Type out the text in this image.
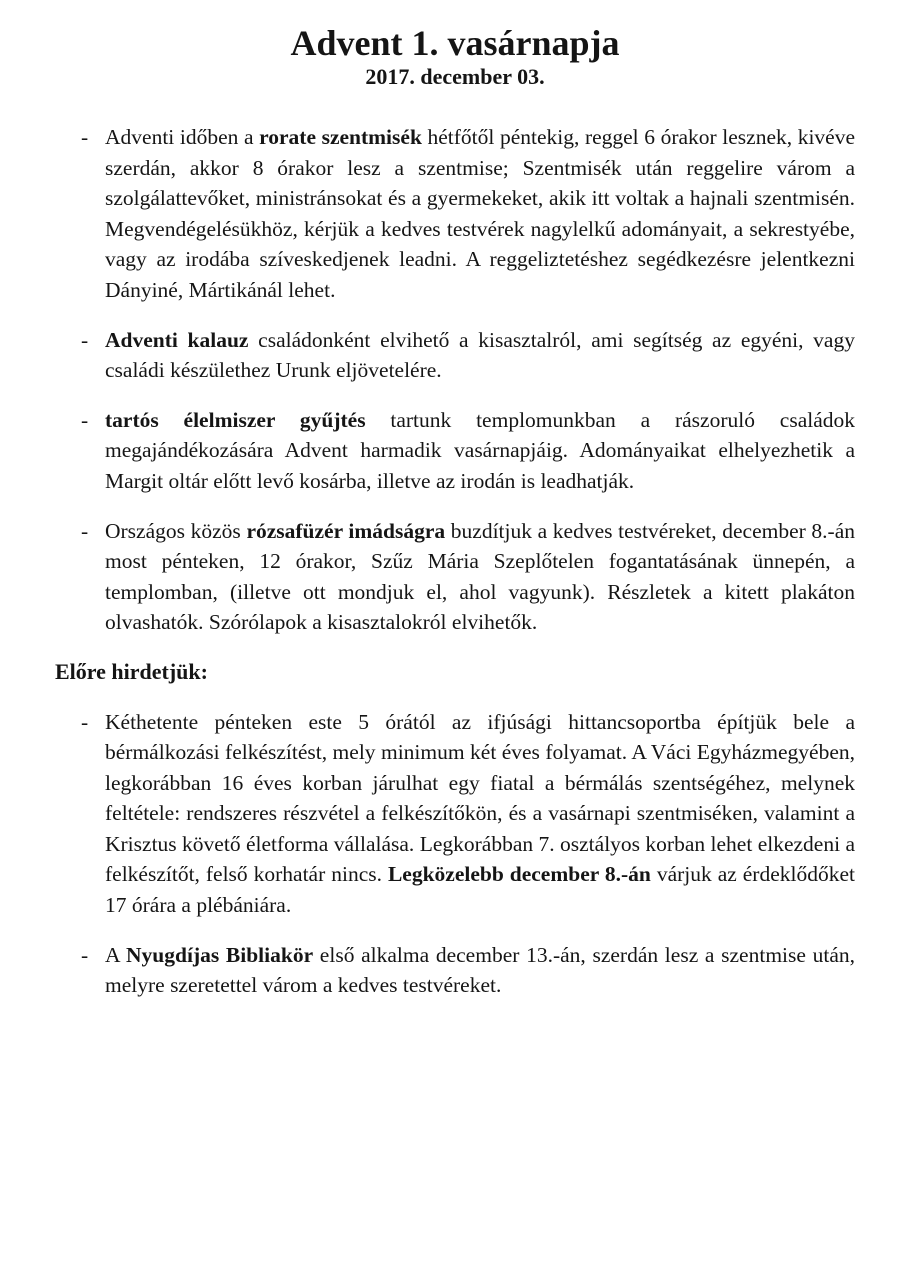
Advent 1. vasárnapja
2017. december 03.

- Adventi időben a rorate szentmisék hétfőtől péntekig, reggel 6 órakor lesznek, kivéve szerdán, akkor 8 órakor lesz a szentmise; Szentmisék után reggelire várom a szolgálattevőket, ministránsokat és a gyermekeket, akik itt voltak a hajnali szentmisén. Megvendégelésükhöz, kérjük a kedves testvérek nagylelkű adományait, a sekrestyébe, vagy az irodába szíveskedjenek leadni. A reggeliztetéshez segédkezésre jelentkezni Dányiné, Mártikánál lehet.

- Adventi kalauz családonként elvihető a kisasztalról, ami segítség az egyéni, vagy családi készülethez Urunk eljövetelére.

- tartós élelmiszer gyűjtés tartunk templomunkban a rászoruló családok megajándékozására Advent harmadik vasárnapjáig. Adományaikat elhelyezhetik a Margit oltár előtt levő kosárba, illetve az irodán is leadhatják.

- Országos közös rózsafüzér imádságra buzdítjuk a kedves testvéreket, december 8.-án most pénteken, 12 órakor, Szűz Mária Szeplőtelen fogantatásának ünnepén, a templomban, (illetve ott mondjuk el, ahol vagyunk). Részletek a kitett plakáton olvashatók. Szórólapok a kisasztalokról elvihetők.

Előre hirdetjük:

- Kéthetente pénteken este 5 órától az ifjúsági hittancsoportba építjük bele a bérmálkozási felkészítést, mely minimum két éves folyamat. A Váci Egyházmegyében, legkorábban 16 éves korban járulhat egy fiatal a bérmálás szentségéhez, melynek feltétele: rendszeres részvétel a felkészítőkön, és a vasárnapi szentmiséken, valamint a Krisztus követő életforma vállalása. Legkorábban 7. osztályos korban lehet elkezdeni a felkészítőt, felső korhatár nincs. Legközelebb december 8.-án várjuk az érdeklődőket 17 órára a plébániára.

- A Nyugdíjas Bibliakör első alkalma december 13.-án, szerdán lesz a szentmise után, melyre szeretettel várom a kedves testvéreket.
